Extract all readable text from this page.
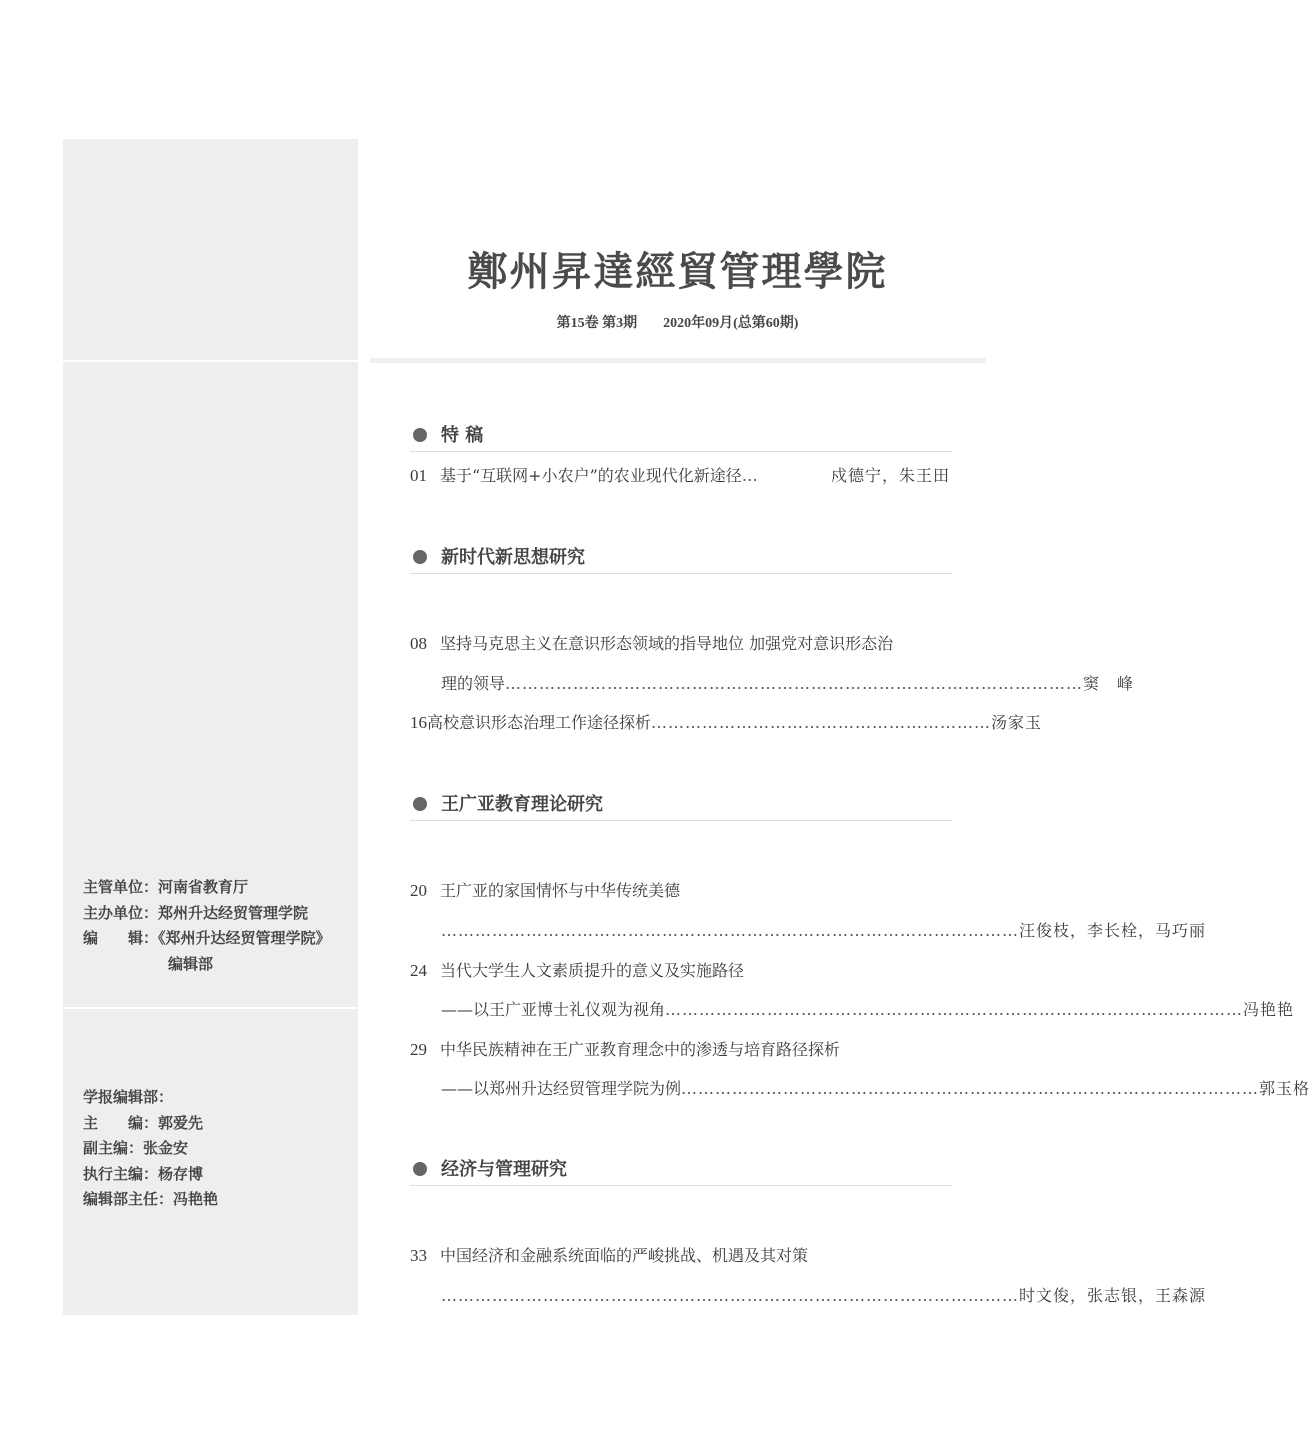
主管单位：河南省教育厅
主办单位：郑州升达经贸管理学院
编　　辑：《郑州升达经贸管理学院》
编辑部
学报编辑部：
主　　编：郭爱先
副主编：张金安
执行主编：杨存博
编辑部主任：冯艳艳
鄭州昇達經貿管理學院
第15卷 第3期 2020年09月(总第60期)
特 稿
01 基于“互联网+小农户”的农业现代化新途径 …	戍德宁，朱王田
新时代新思想研究
08 坚持马克思主义在意识形态领域的指导地位 加强党对意识形态治
理的领导 ………………………………………………………………………………………… 窦　峰
16 高校意识形态治理工作途径探析 …………………………………………………… 汤家玉
王广亚教育理论研究
20 王广亚的家国情怀与中华传统美德
………………………………………………………………………………………… 汪俊枝，李长栓，马巧丽
24 当代大学生人文素质提升的意义及实施路径
——以王广亚博士礼仪观为视角 ………………………………………………………………………………………… 冯艳艳
29 中华民族精神在王广亚教育理念中的渗透与培育路径探析
——以郑州升达经贸管理学院为例 ………………………………………………………………………………………… 郭玉格
经济与管理研究
33 中国经济和金融系统面临的严峻挑战、机遇及其对策
………………………………………………………………………………………… 时文俊，张志银，王森源
